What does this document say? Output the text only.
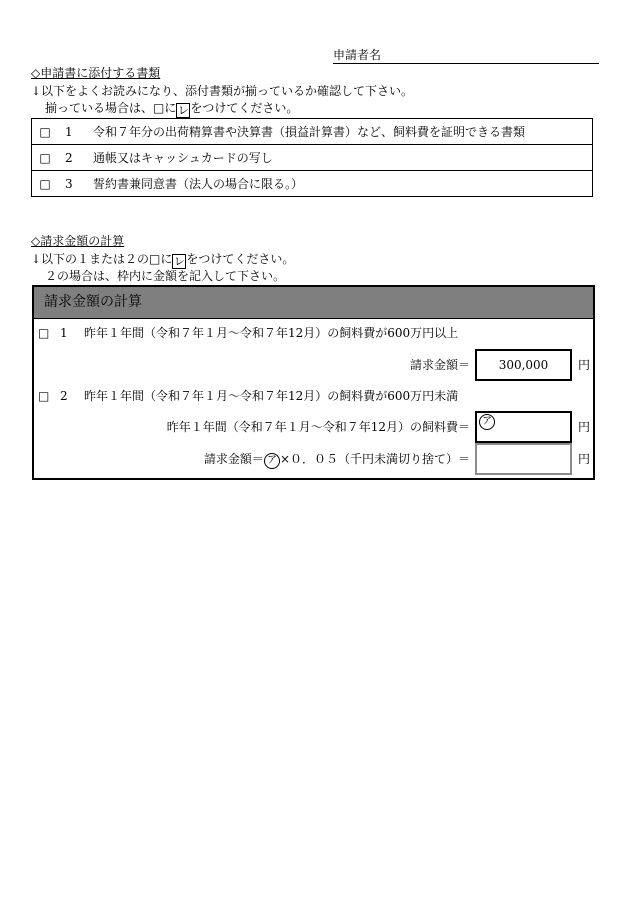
申請者名
◇申請書に添付する書類
↓以下をよくお読みになり、添付書類が揃っているか確認して下さい。
揃っている場合は、□に レ をつけてください。
□ 1	令和７年分の出荷精算書や決算書（損益計算書）など、飼料費を証明できる書類

□ 2	通帳又はキャッシュカードの写し

□ 3	誓約書兼同意書（法人の場合に限る。）
◇請求金額の計算
↓以下の１または２の□に レ をつけてください。
２の場合は、枠内に金額を記入して下さい。
請求金額の計算
□ 1 昨年１年間（令和７年１月～令和７年12月）の飼料費が600万円以上
請求金額＝	300,000	円
□ 2 昨年１年間（令和７年１月～令和７年12月）の飼料費が600万円未満
昨年１年間（令和７年１月～令和７年12月）の飼料費＝	ア	円
請求金額＝ ア ×０．０５（千円未満切り捨て）＝	円
